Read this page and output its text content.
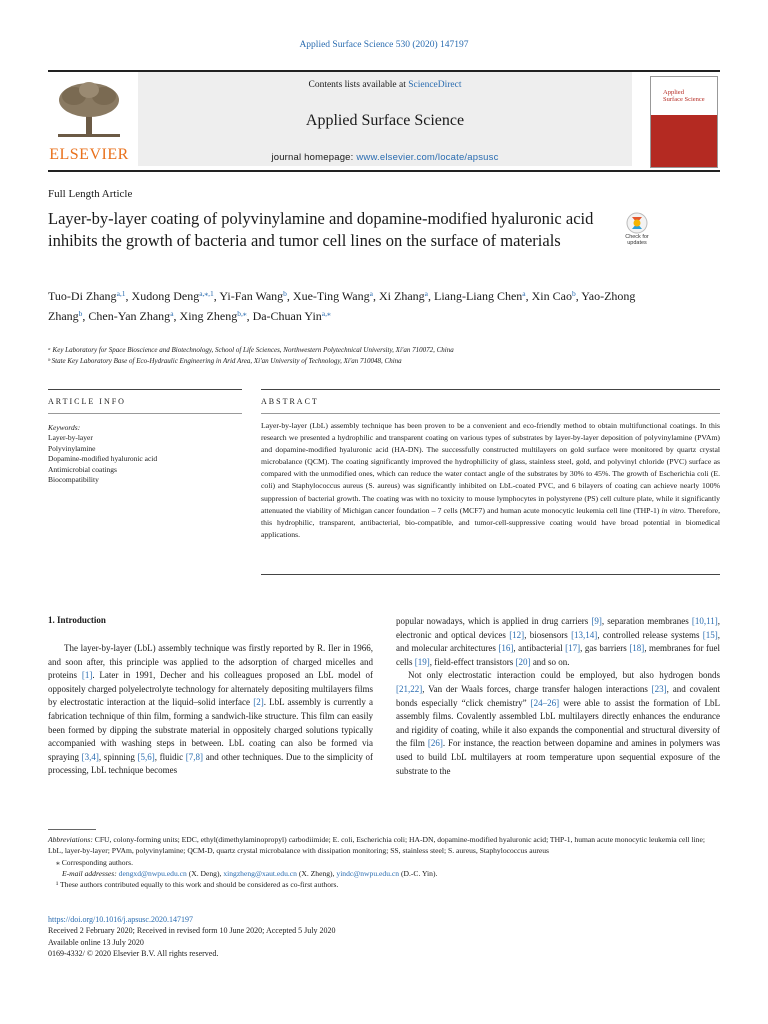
Applied Surface Science 530 (2020) 147197
ELSEVIER
Contents lists available at ScienceDirect
Applied Surface Science
journal homepage: www.elsevier.com/locate/apsusc
Applied
Surface Science
Full Length Article
Layer-by-layer coating of polyvinylamine and dopamine-modified hyaluronic acid inhibits the growth of bacteria and tumor cell lines on the surface of materials	Check for updates
Tuo-Di Zhang$^{a,1}$, Xudong Deng$^{a,⁎,1}$, Yi-Fan Wang$^b$, Xue-Ting Wang$^a$, Xi Zhang$^a$, Liang-Liang Chen$^a$, Xin Cao$^b$, Yao-Zhong Zhang$^b$, Chen-Yan Zhang$^a$, Xing Zheng$^{b,⁎}$, Da-Chuan Yin$^{a,⁎}$
ᵃ Key Laboratory for Space Bioscience and Biotechnology, School of Life Sciences, Northwestern Polytechnical University, Xi'an 710072, China
ᵇ State Key Laboratory Base of Eco-Hydraulic Engineering in Arid Area, Xi'an University of Technology, Xi'an 710048, China
ARTICLE INFO	ABSTRACT
Keywords:
Layer-by-layer
Polyvinylamine
Dopamine-modified hyaluronic acid
Antimicrobial coatings
Biocompatibility
Layer-by-layer (LbL) assembly technique has been proven to be a convenient and eco-friendly method to obtain multifunctional coatings. In this research we presented a hydrophilic and transparent coating on various types of substrates by layer-by-layer deposition of polyvinylamine (PVAm) and dopamine-modified hyaluronic acid (HA-DN). The successfully constructed multilayers on gold surface were monitored by quartz crystal microbalance (QCM). The coating significantly improved the hydrophilicity of glass, stainless steel, gold, and polyvinyl chloride (PVC) surface as compared with the unmodified ones, which can reduce the water contact angle of the substrates by 30% to 45%. The growth of Escherichia coli (E. coli) and Staphylococcus aureus (S. aureus) was significantly inhibited on LbL-coated PVC, and 6 bilayers of coating can achieve nearly 100% suppression of bacterial growth. The coating was with no toxicity to mouse lymphocytes in polystyrene (PS) cell culture plate, while it significantly attenuated the viability of Michigan cancer foundation – 7 cells (MCF7) and human acute monocytic leukemia cell line (THP-1) in vitro. Therefore, this hydrophilic, transparent, antibacterial, bio-compatible, and tumor-cell-suppressive coating would have broad potential in biomedical applications.
1. Introduction
The layer-by-layer (LbL) assembly technique was firstly reported by R. Iler in 1966, and soon after, this principle was applied to the adsorption of charged micelles and proteins [1]. Later in 1991, Decher and his colleagues proposed an LbL model of oppositely charged polyelectrolyte technology for alternately depositing multilayers films by electrostatic interaction at the liquid–solid interface [2]. LbL assembly is currently a fabrication technique of thin film, forming a sandwich-like structure. This film can easily been formed by dipping the substrate material in oppositely charged solutions typically accompanied with washing steps in between. LbL coating can also be formed via spraying [3,4], spinning [5,6], fluidic [7,8] and other techniques. Due to the simplicity of processing, LbL technique becomes

popular nowadays, which is applied in drug carriers [9], separation membranes [10,11], electronic and optical devices [12], biosensors [13,14], controlled release systems [15], and molecular architectures [16], antibacterial [17], gas barriers [18], membranes for fuel cells [19], field-effect transistors [20] and so on.

Not only electrostatic interaction could be employed, but also hydrogen bonds [21,22], Van der Waals forces, charge transfer halogen interactions [23], and covalent bonds especially “click chemistry” [24–26] were able to assist the formation of LbL assembly films. Covalently assembled LbL multilayers directly enhances the endurance and rigidity of coating, while it also expands the componential and structural diversity of the film [26]. For instance, the reaction between dopamine and amines in polymers was used to build LbL multilayers at room temperature upon sequential exposure of the substrate to the

Abbreviations: CFU, colony-forming units; EDC, ethyl(dimethylaminopropyl) carbodiimide; E. coli, Escherichia coli; HA-DN, dopamine-modified hyaluronic acid; THP-1, human acute monocytic leukemia cell line; LbL, layer-by-layer; PVAm, polyvinylamine; QCM-D, quartz crystal microbalance with dissipation monitoring; SS, stainless steel; S. aureus, Staphylococcus aureus
⁎ Corresponding authors.
E-mail addresses: dengxd@nwpu.edu.cn (X. Deng), xingzheng@xaut.edu.cn (X. Zheng), yindc@nwpu.edu.cn (D.-C. Yin).
¹ These authors contributed equally to this work and should be considered as co-first authors.
https://doi.org/10.1016/j.apsusc.2020.147197
Received 2 February 2020; Received in revised form 10 June 2020; Accepted 5 July 2020
Available online 13 July 2020
0169-4332/ © 2020 Elsevier B.V. All rights reserved.
